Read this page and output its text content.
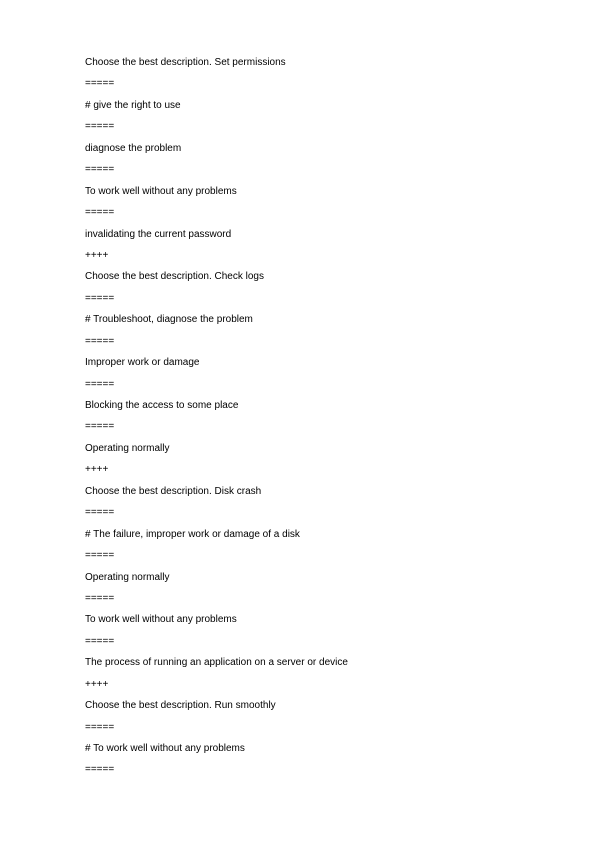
Choose the best description. Set permissions

=====

# give the right to use

=====

diagnose the problem

=====

To work well without any problems

=====

invalidating the current password

++++

Choose the best description. Check logs

=====

# Troubleshoot, diagnose the problem

=====

Improper work or damage

=====

Blocking the access to some place

=====

Operating normally

++++

Choose the best description. Disk crash

=====

# The failure, improper work or damage of a disk

=====

Operating normally

=====

To work well without any problems

=====

The process of running an application on a server or device

++++

Choose the best description. Run smoothly

=====

# To work well without any problems

=====
